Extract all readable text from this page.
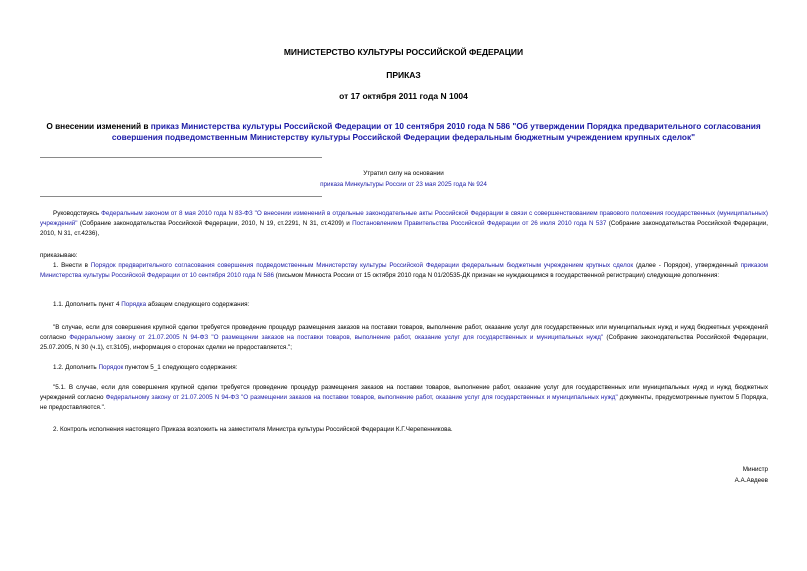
МИНИСТЕРСТВО КУЛЬТУРЫ РОССИЙСКОЙ ФЕДЕРАЦИИ
ПРИКАЗ
от 17 октября 2011 года N 1004
О внесении изменений в приказ Министерства культуры Российской Федерации от 10 сентября 2010 года N 586 "Об утверждении Порядка предварительного согласования совершения подведомственным Министерству культуры Российской Федерации федеральным бюджетным учреждением крупных сделок"
Утратил силу на основании
приказа Минкультуры России от 23 мая 2025 года № 924
Руководствуясь Федеральным законом от 8 мая 2010 года N 83-ФЗ "О внесении изменений в отдельные законодательные акты Российской Федерации в связи с совершенствованием правового положения государственных (муниципальных) учреждений" (Собрание законодательства Российской Федерации, 2010, N 19, ст.2291, N 31, ст.4209) и Постановлением Правительства Российской Федерации от 26 июля 2010 года N 537 (Собрание законодательства Российской Федерации, 2010, N 31, ст.4236),
приказываю:
1. Внести в Порядок предварительного согласования совершения подведомственным Министерству культуры Российской Федерации федеральным бюджетным учреждением крупных сделок (далее - Порядок), утвержденный приказом Министерства культуры Российской Федерации от 10 сентября 2010 года N 586 (письмом Минюста России от 15 октября 2010 года N 01/20535-ДК признан не нуждающимся в государственной регистрации) следующие дополнения:
1.1. Дополнить пункт 4 Порядка абзацем следующего содержания:
"В случае, если для совершения крупной сделки требуется проведение процедур размещения заказов на поставки товаров, выполнение работ, оказание услуг для государственных или муниципальных нужд и нужд бюджетных учреждений согласно Федеральному закону от 21.07.2005 N 94-ФЗ "О размещении заказов на поставки товаров, выполнение работ, оказание услуг для государственных и муниципальных нужд" (Собрание законодательства Российской Федерации, 25.07.2005, N 30 (ч.1), ст.3105), информация о сторонах сделки не предоставляется.";
1.2. Дополнить Порядок пунктом 5_1 следующего содержания:
"5.1. В случае, если для совершения крупной сделки требуется проведение процедур размещения заказов на поставки товаров, выполнение работ, оказание услуг для государственных или муниципальных нужд и нужд бюджетных учреждений согласно Федеральному закону от 21.07.2005 N 94-ФЗ "О размещении заказов на поставки товаров, выполнение работ, оказание услуг для государственных и муниципальных нужд" документы, предусмотренные пунктом 5 Порядка, не предоставляются.".
2. Контроль исполнения настоящего Приказа возложить на заместителя Министра культуры Российской Федерации К.Г.Черепенникова.
Министр
А.А.Авдеев
